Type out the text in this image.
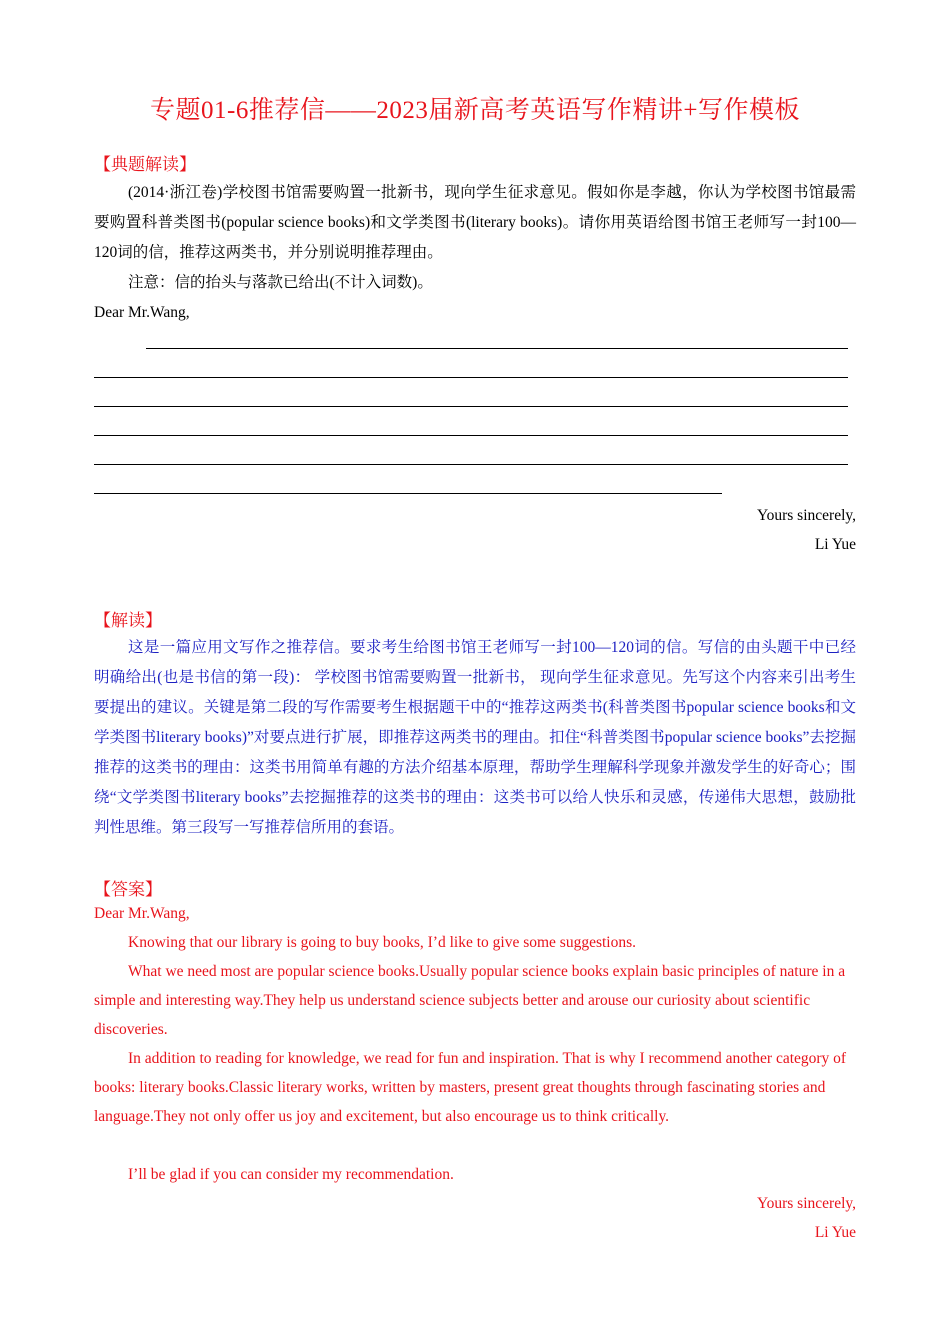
专题01-6推荐信——2023届新高考英语写作精讲+写作模板
【典题解读】
(2014·浙江卷)学校图书馆需要购置一批新书，现向学生征求意见。假如你是李越，你认为学校图书馆最需要购置科普类图书(popular science books)和文学类图书(literary books)。请你用英语给图书馆王老师写一封100—120词的信，推荐这两类书，并分别说明推荐理由。
注意：信的抬头与落款已给出(不计入词数)。
Dear Mr.Wang,
Yours sincerely,
Li Yue
【解读】
这是一篇应用文写作之推荐信。要求考生给图书馆王老师写一封100—120词的信。写信的由头题干中已经明确给出(也是书信的第一段)： 学校图书馆需要购置一批新书， 现向学生征求意见。先写这个内容来引出考生要提出的建议。关键是第二段的写作需要考生根据题干中的“推荐这两类书(科普类图书popular science books和文学类图书literary books)”对要点进行扩展，即推荐这两类书的理由。扣住“科普类图书popular science books”去挖掘推荐的这类书的理由：这类书用简单有趣的方法介绍基本原理，帮助学生理解科学现象并激发学生的好奇心；围绕“文学类图书literary books”去挖掘推荐的这类书的理由：这类书可以给人快乐和灵感，传递伟大思想，鼓励批判性思维。第三段写一写推荐信所用的套语。
【答案】
Dear Mr.Wang,
Knowing that our library is going to buy books, I’d like to give some suggestions.
What we need most are popular science books.Usually popular science books explain basic principles of nature in a simple and interesting way.They help us understand science subjects better and arouse our curiosity about scientific discoveries.
In addition to reading for knowledge, we read for fun and inspiration. That is why I recommend another category of books: literary books.Classic literary works, written by masters, present great thoughts through fascinating stories and language.They not only offer us joy and excitement, but also encourage us to think critically.
I’ll be glad if you can consider my recommendation.
Yours sincerely,
Li Yue
